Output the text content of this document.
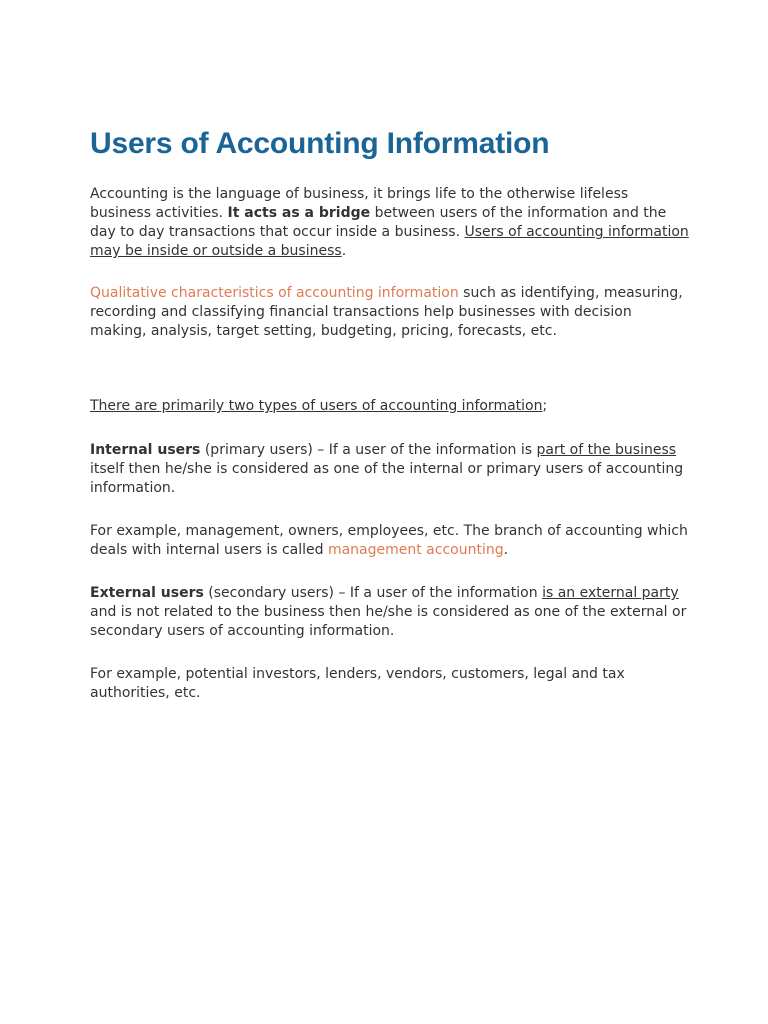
Users of Accounting Information

Accounting is the language of business, it brings life to the otherwise lifeless business activities. It acts as a bridge between users of the information and the day to day transactions that occur inside a business. Users of accounting information may be inside or outside a business.

Qualitative characteristics of accounting information such as identifying, measuring, recording and classifying financial transactions help businesses with decision making, analysis, target setting, budgeting, pricing, forecasts, etc.

There are primarily two types of users of accounting information;

Internal users (primary users) – If a user of the information is part of the business itself then he/she is considered as one of the internal or primary users of accounting information.

For example, management, owners, employees, etc. The branch of accounting which deals with internal users is called management accounting.

External users (secondary users) – If a user of the information is an external party and is not related to the business then he/she is considered as one of the external or secondary users of accounting information.

For example, potential investors, lenders, vendors, customers, legal and tax authorities, etc.
